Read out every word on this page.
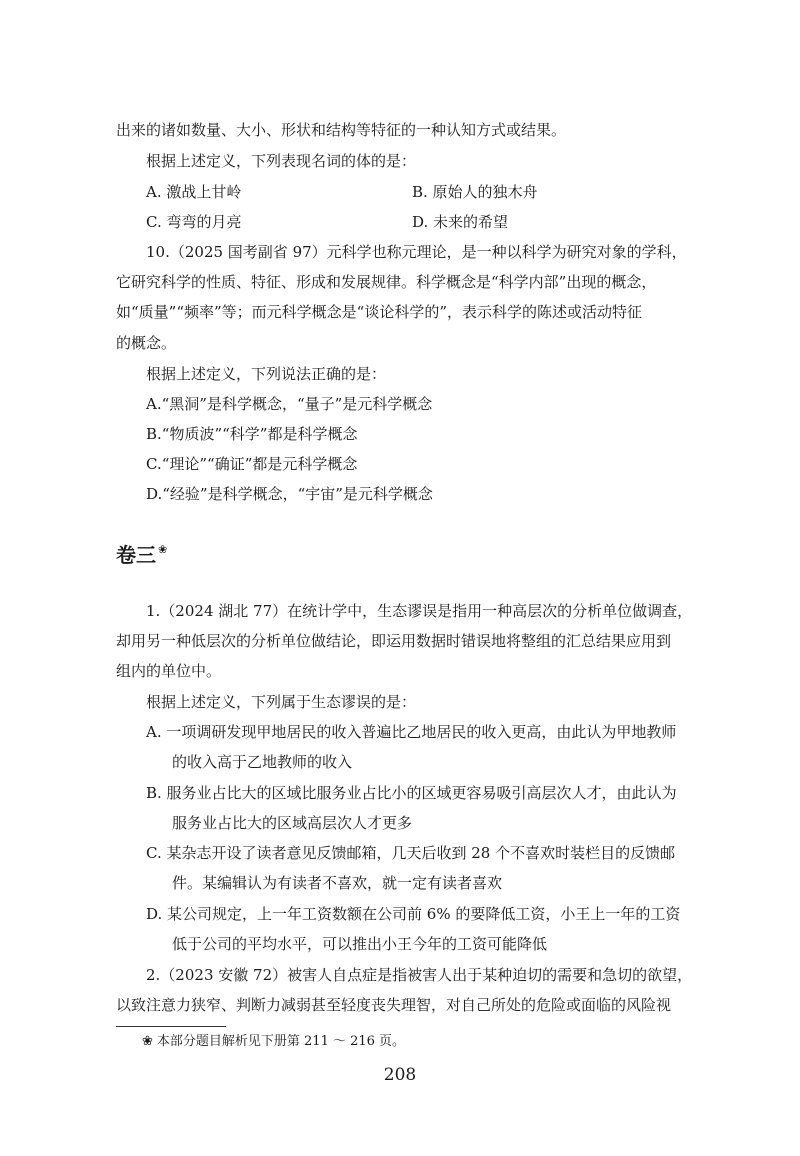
出来的诸如数量、大小、形状和结构等特征的一种认知方式或结果。
根据上述定义，下列表现名词的体的是：
A. 激战上甘岭	B. 原始人的独木舟
C. 弯弯的月亮	D. 未来的希望
10.（2025 国考副省 97）元科学也称元理论，是一种以科学为研究对象的学科，
它研究科学的性质、特征、形成和发展规律。科学概念是“科学内部”出现的概念，
如“质量”“频率”等；而元科学概念是“谈论科学的”，表示科学的陈述或活动特征
的概念。
根据上述定义，下列说法正确的是：
A.“黑洞”是科学概念，“量子”是元科学概念
B.“物质波”“科学”都是科学概念
C.“理论”“确证”都是元科学概念
D.“经验”是科学概念，“宇宙”是元科学概念
卷三 ❀
1.（2024 湖北 77）在统计学中，生态谬误是指用一种高层次的分析单位做调查，
却用另一种低层次的分析单位做结论，即运用数据时错误地将整组的汇总结果应用到
组内的单位中。
根据上述定义，下列属于生态谬误的是：
A. 一项调研发现甲地居民的收入普遍比乙地居民的收入更高，由此认为甲地教师
的收入高于乙地教师的收入
B. 服务业占比大的区域比服务业占比小的区域更容易吸引高层次人才，由此认为
服务业占比大的区域高层次人才更多
C. 某杂志开设了读者意见反馈邮箱，几天后收到 28 个不喜欢时装栏目的反馈邮
件。某编辑认为有读者不喜欢，就一定有读者喜欢
D. 某公司规定，上一年工资数额在公司前 6% 的要降低工资，小王上一年的工资
低于公司的平均水平，可以推出小王今年的工资可能降低
2.（2023 安徽 72）被害人自点症是指被害人出于某种迫切的需要和急切的欲望，
以致注意力狭窄、判断力减弱甚至轻度丧失理智，对自己所处的危险或面临的风险视
❀ 本部分题目解析见下册第 211 ～ 216 页。
208
